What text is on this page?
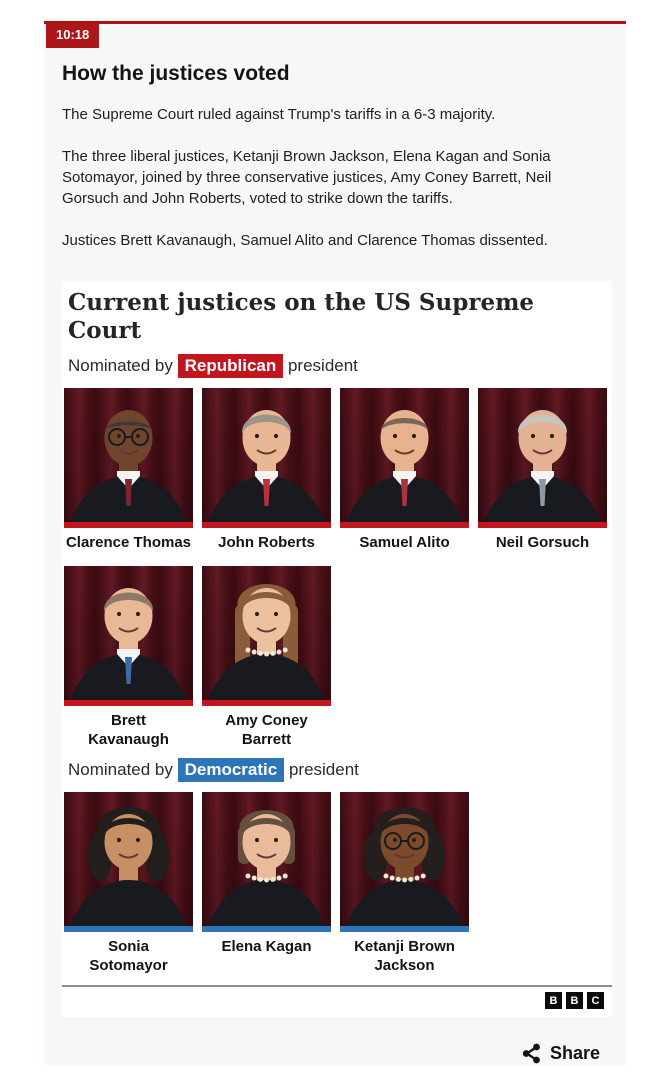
10:18
How the justices voted

The Supreme Court ruled against Trump's tariffs in a 6-3 majority.

The three liberal justices, Ketanji Brown Jackson, Elena Kagan and Sonia Sotomayor, joined by three conservative justices, Amy Coney Barrett, Neil Gorsuch and John Roberts, voted to strike down the tariffs.

Justices Brett Kavanaugh, Samuel Alito and Clarence Thomas dissented.

Current justices on the US Supreme Court
Nominated by Republican president
Clarence Thomas	John Roberts	Samuel Alito	Neil Gorsuch
Brett
Kavanaugh
Amy Coney
Barrett
Nominated by Democratic president
Sonia
Sotomayor
Elena Kagan	Ketanji Brown
Jackson
B	B	C
Share
